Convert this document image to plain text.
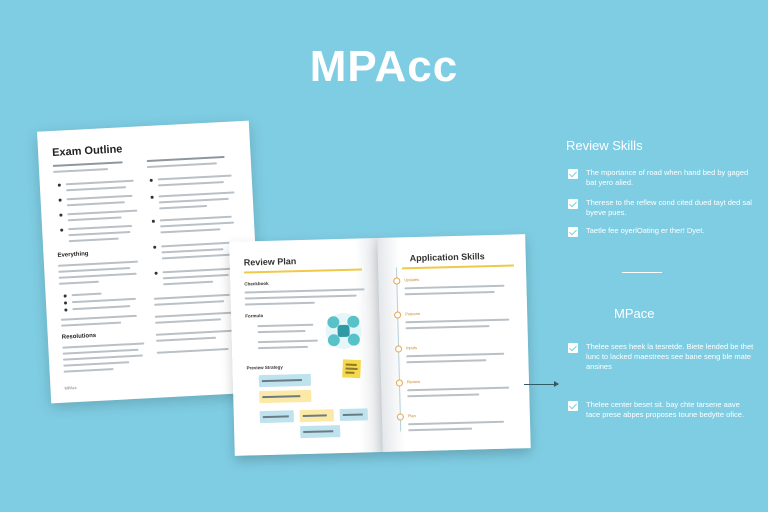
MPAcc
Exam Outline
Everything
Resolutions
MPAcc
Review Plan
Checkbook
Formula
Preview Strategy
Application Skills
Updates
Purpose
Inputs
Review
Plan
Review Skills
The mportance of road when hand bed by gaged bat yero alied.
Therese to the reflew cond cited dued tayt ded sal byeve pues.
Taetle fee oyerlOating er ther! Dyet.
MPace
Thelee sees heek la tesretde. Biete lended be thet lunc to lacked maestrees see bane seng ble mate ansines
Thelee center beset sit. bay chte tarsene aave tace prese abpes proposes toune bedytte ofice.
